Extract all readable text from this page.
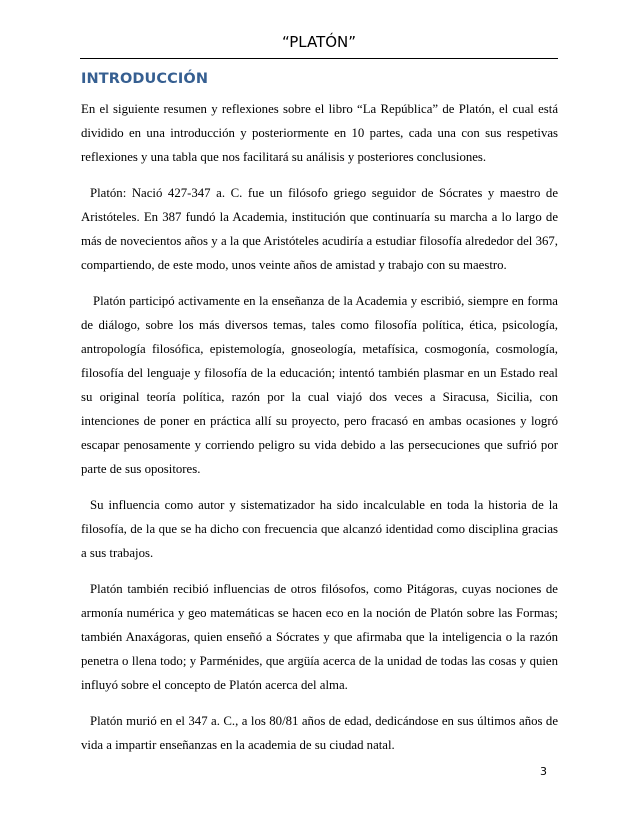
“PLATÓN”
INTRODUCCIÓN

En el siguiente resumen y reflexiones sobre el libro “La República” de Platón, el cual está dividido en una introducción y posteriormente en 10 partes, cada una con sus respetivas reflexiones y una tabla que nos facilitará su análisis y posteriores conclusiones.

Platón: Nació 427-347 a. C. fue un filósofo griego seguidor de Sócrates y maestro de Aristóteles. En 387 fundó la Academia, institución que continuaría su marcha a lo largo de más de novecientos años y a la que Aristóteles acudiría a estudiar filosofía alrededor del 367, compartiendo, de este modo, unos veinte años de amistad y trabajo con su maestro.

Platón participó activamente en la enseñanza de la Academia y escribió, siempre en forma de diálogo, sobre los más diversos temas, tales como filosofía política, ética, psicología, antropología filosófica, epistemología, gnoseología, metafísica, cosmogonía, cosmología, filosofía del lenguaje y filosofía de la educación; intentó también plasmar en un Estado real su original teoría política, razón por la cual viajó dos veces a Siracusa, Sicilia, con intenciones de poner en práctica allí su proyecto, pero fracasó en ambas ocasiones y logró escapar penosamente y corriendo peligro su vida debido a las persecuciones que sufrió por parte de sus opositores.

Su influencia como autor y sistematizador ha sido incalculable en toda la historia de la filosofía, de la que se ha dicho con frecuencia que alcanzó identidad como disciplina gracias a sus trabajos.

Platón también recibió influencias de otros filósofos, como Pitágoras, cuyas nociones de armonía numérica y geo matemáticas se hacen eco en la noción de Platón sobre las Formas; también Anaxágoras, quien enseñó a Sócrates y que afirmaba que la inteligencia o la razón penetra o llena todo; y Parménides, que argüía acerca de la unidad de todas las cosas y quien influyó sobre el concepto de Platón acerca del alma.

Platón murió en el 347 a. C., a los 80/81 años de edad, dedicándose en sus últimos años de vida a impartir enseñanzas en la academia de su ciudad natal.

3
